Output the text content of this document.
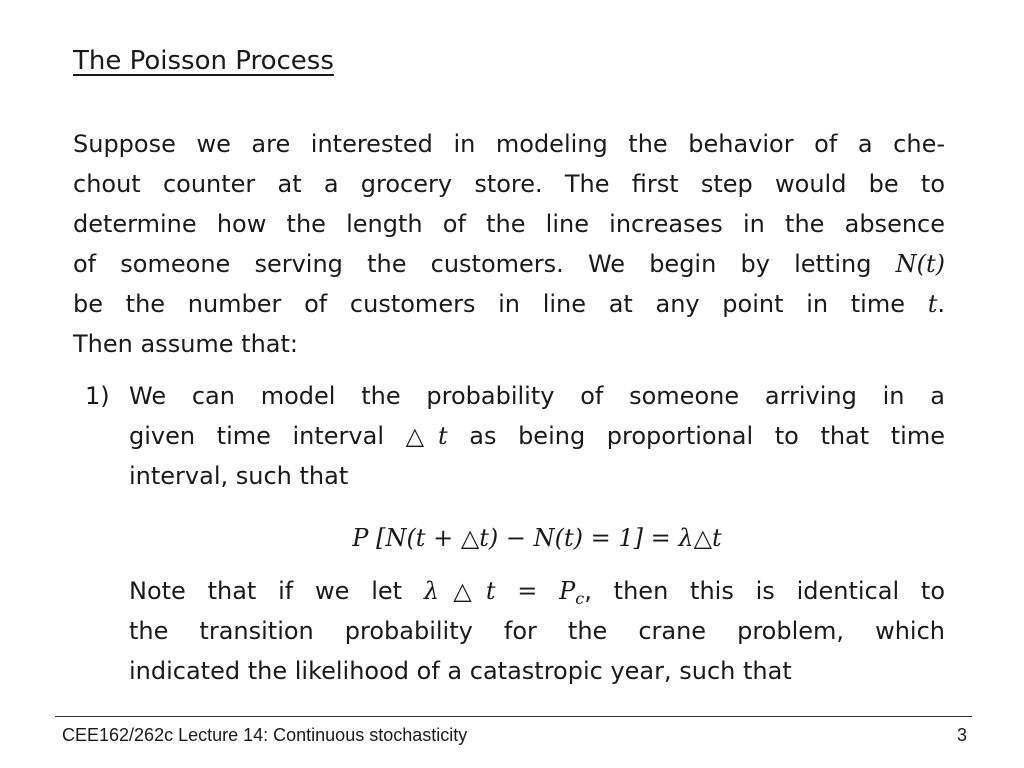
The Poisson Process
Suppose we are interested in modeling the behavior of a che-
chout counter at a grocery store. The first step would be to
determine how the length of the line increases in the absence
of someone serving the customers. We begin by letting N(t)
be the number of customers in line at any point in time t.
Then assume that:
1) We can model the probability of someone arriving in a
given time interval △t as being proportional to that time
interval, such that
P [N(t + △t) − N(t) = 1] = λ△t
Note that if we let λ△t = $P_c$, then this is identical to
the transition probability for the crane problem, which
indicated the likelihood of a catastropic year, such that
CEE162/262c Lecture 14: Continuous stochasticity	3
